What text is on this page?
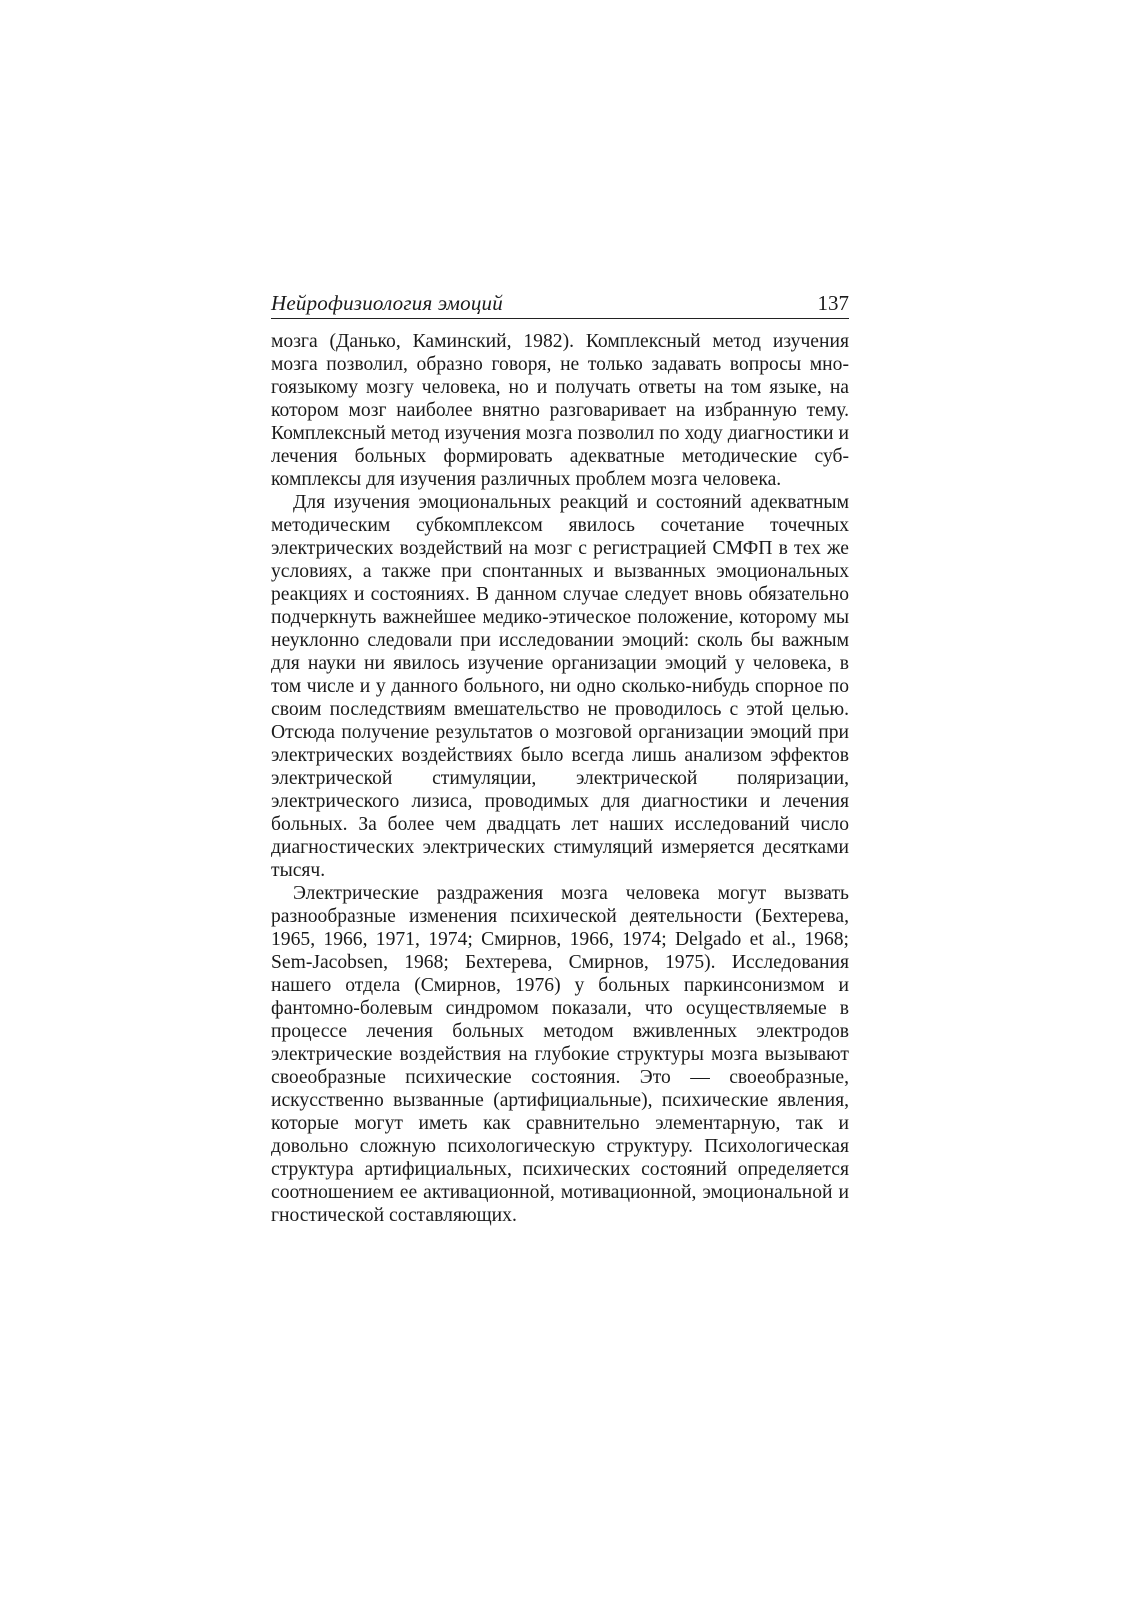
Нейрофизиология эмоций	137

мозга (Данько, Каминский, 1982). Комплексный метод изучения мозга позволил, образно говоря, не только задавать вопросы многоязыкому мозгу человека, но и получать ответы на том языке, на котором мозг наиболее внятно разговаривает на избранную тему. Комплексный метод изучения мозга позволил по ходу диагностики и лечения больных формировать адекватные методические субкомплексы для изучения различных проблем мозга человека.

Для изучения эмоциональных реакций и состояний адекватным методическим субкомплексом явилось сочетание точечных электрических воздействий на мозг с регистрацией СМФП в тех же условиях, а также при спонтанных и вызванных эмоциональных реакциях и состояниях. В данном случае следует вновь обязательно подчеркнуть важнейшее медико-этическое положение, которому мы неуклонно следовали при исследовании эмоций: сколь бы важным для науки ни явилось изучение организации эмоций у человека, в том числе и у данного больного, ни одно сколько-нибудь спорное по своим последствиям вмешательство не проводилось с этой целью. Отсюда получение результатов о мозговой организации эмоций при электрических воздействиях было всегда лишь анализом эффектов электрической стимуляции, электрической поляризации, электрического лизиса, проводимых для диагностики и лечения больных. За более чем двадцать лет наших исследований число диагностических электрических стимуляций измеряется десятками тысяч.

Электрические раздражения мозга человека могут вызвать разнообразные изменения психической деятельности (Бехтерева, 1965, 1966, 1971, 1974; Смирнов, 1966, 1974; Delgado et al., 1968; Sem-Jacobsen, 1968; Бехтерева, Смирнов, 1975). Исследования нашего отдела (Смирнов, 1976) у больных паркинсонизмом и фантомно-болевым синдромом показали, что осуществляемые в процессе лечения больных методом вживленных электродов электрические воздействия на глубокие структуры мозга вызывают своеобразные психические состояния. Это — своеобразные, искусственно вызванные (артифициальные), психические явления, которые могут иметь как сравнительно элементарную, так и довольно сложную психологическую структуру. Психологическая структура артифициальных, психических состояний определяется соотношением ее активационной, мотивационной, эмоциональной и гностической составляющих.
